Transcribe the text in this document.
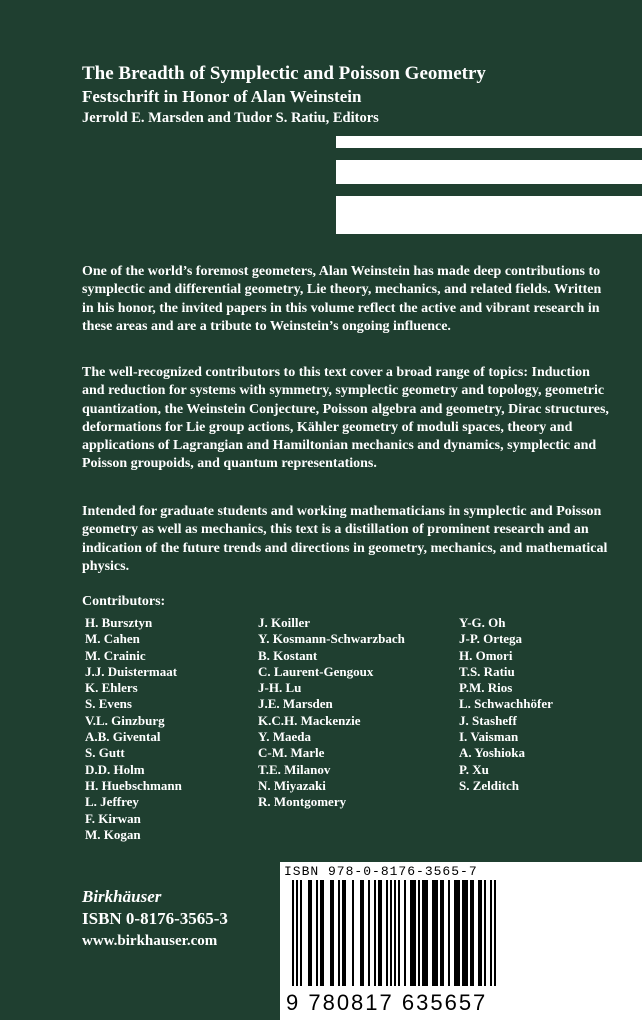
The Breadth of Symplectic and Poisson Geometry
Festschrift in Honor of Alan Weinstein
Jerrold E. Marsden and Tudor S. Ratiu, Editors
One of the world’s foremost geometers, Alan Weinstein has made deep contributions to symplectic and differential geometry, Lie theory, mechanics, and related fields. Written in his honor, the invited papers in this volume reflect the active and vibrant research in these areas and are a tribute to Weinstein’s ongoing influence.
The well-recognized contributors to this text cover a broad range of topics: Induction and reduction for systems with symmetry, symplectic geometry and topology, geometric quantization, the Weinstein Conjecture, Poisson algebra and geometry, Dirac structures, deformations for Lie group actions, Kähler geometry of moduli spaces, theory and applications of Lagrangian and Hamiltonian mechanics and dynamics, symplectic and Poisson groupoids, and quantum representations.
Intended for graduate students and working mathematicians in symplectic and Poisson geometry as well as mechanics, this text is a distillation of prominent research and an indication of the future trends and directions in geometry, mechanics, and mathematical physics.
Contributors:
H. Bursztyn
M. Cahen
M. Crainic
J.J. Duistermaat
K. Ehlers
S. Evens
V.L. Ginzburg
A.B. Givental
S. Gutt
D.D. Holm
H. Huebschmann
L. Jeffrey
F. Kirwan
M. Kogan
J. Koiller
Y. Kosmann-Schwarzbach
B. Kostant
C. Laurent-Gengoux
J-H. Lu
J.E. Marsden
K.C.H. Mackenzie
Y. Maeda
C-M. Marle
T.E. Milanov
N. Miyazaki
R. Montgomery
Y-G. Oh
J-P. Ortega
H. Omori
T.S. Ratiu
P.M. Rios
L. Schwachhöfer
J. Stasheff
I. Vaisman
A. Yoshioka
P. Xu
S. Zelditch
Birkhäuser
ISBN 0-8176-3565-3
www.birkhauser.com
ISBN 978-0-8176-3565-7
9 780817 635657
